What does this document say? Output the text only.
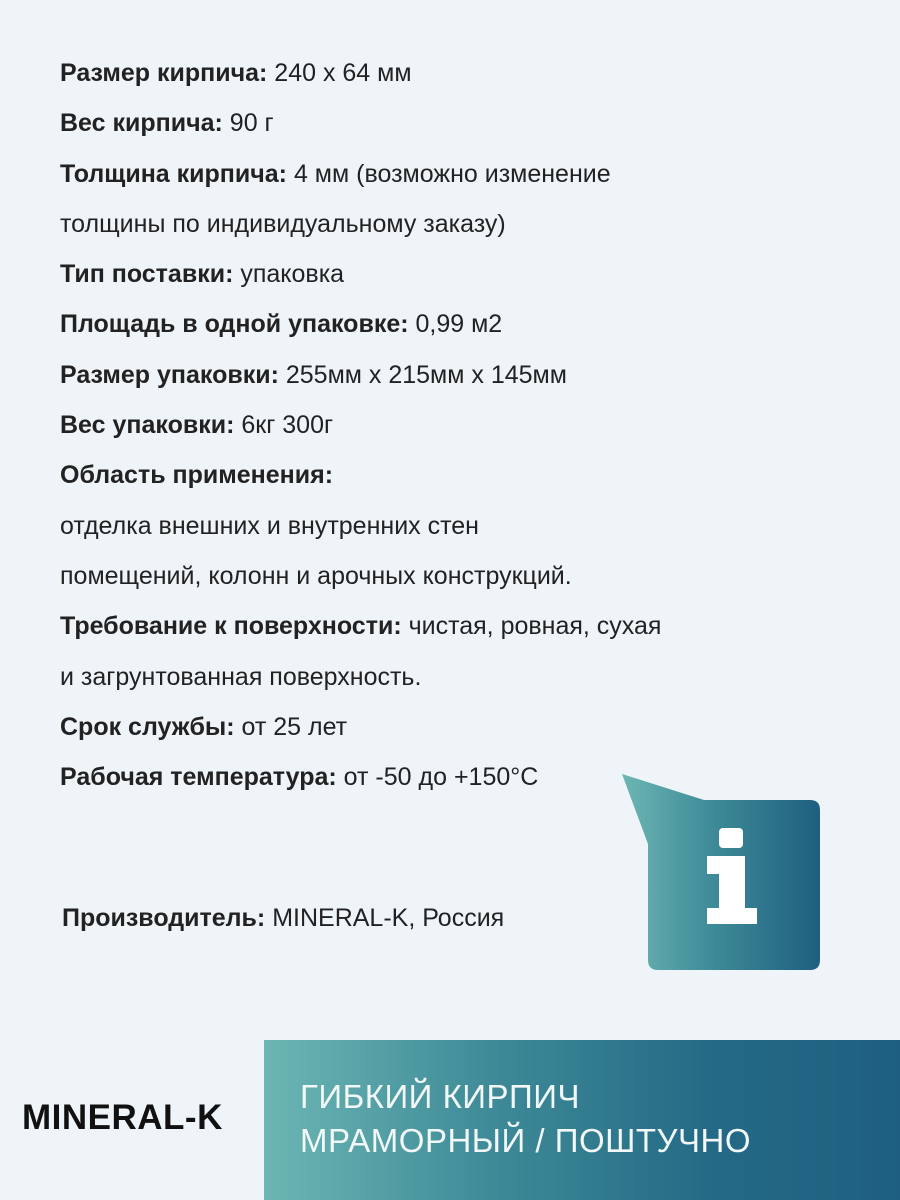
Размер кирпича: 240 х 64 мм
Вес кирпича: 90 г
Толщина кирпича: 4 мм (возможно изменение
толщины по индивидуальному заказу)
Тип поставки: упаковка
Площадь в одной упаковке: 0,99 м2
Размер упаковки: 255мм х 215мм х 145мм
Вес упаковки: 6кг 300г
Область применения:
отделка внешних и внутренних стен
помещений, колонн и арочных конструкций.
Требование к поверхности: чистая, ровная, сухая
и загрунтованная поверхность.
Срок службы: от 25 лет
Рабочая температура: от -50 до +150°C
Производитель: MINERAL-K, Россия
MINERAL-K
ГИБКИЙ КИРПИЧ
МРАМОРНЫЙ / ПОШТУЧНО
